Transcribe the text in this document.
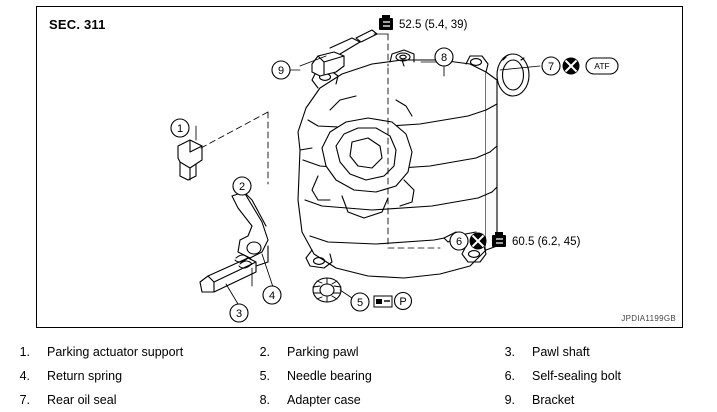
SEC. 311
JPDIA1199GB
1
2
3
4
5	P
6	60.5 (6.2, 45)
7	ATF
8
9
52.5 (5.4, 39)
1.	Parking actuator support	2.	Parking pawl	3.	Pawl shaft
4.	Return spring	5.	Needle bearing	6.	Self-sealing bolt
7.	Rear oil seal	8.	Adapter case	9.	Bracket
